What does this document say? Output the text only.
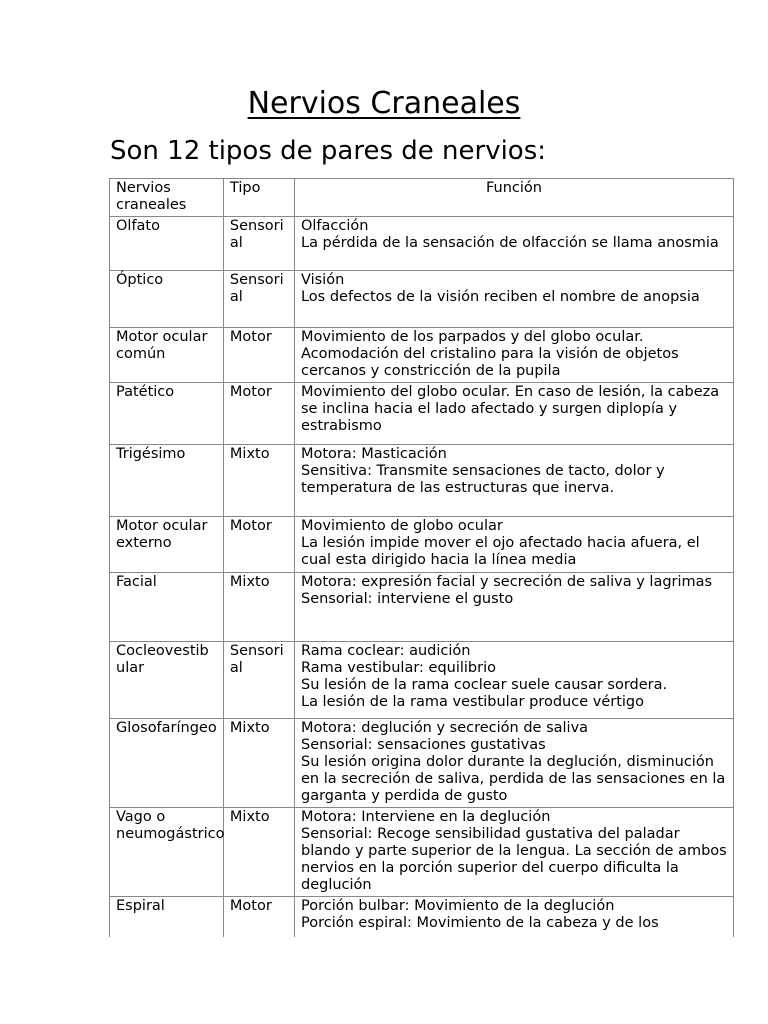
Nervios Craneales
Son 12 tipos de pares de nervios:
Nervios craneales	Tipo	Función
Olfato	Sensorial	Olfacción
La pérdida de la sensación de olfacción se llama anosmia

Óptico	Sensorial	Visión
Los defectos de la visión reciben el nombre de anopsia

Motor ocular común	Motor	Movimiento de los parpados y del globo ocular.
Acomodación del cristalino para la visión de objetos cercanos y constricción de la pupila

Patético	Motor	Movimiento del globo ocular. En caso de lesión, la cabeza se inclina hacia el lado afectado y surgen diplopía y estrabismo

Trigésimo	Mixto	Motora: Masticación
Sensitiva: Transmite sensaciones de tacto, dolor y temperatura de las estructuras que inerva.

Motor ocular externo	Motor	Movimiento de globo ocular
La lesión impide mover el ojo afectado hacia afuera, el cual esta dirigido hacia la línea media

Facial	Mixto	Motora: expresión facial y secreción de saliva y lagrimas
Sensorial: interviene el gusto

Cocleovestibular	Sensorial	Rama coclear: audición
Rama vestibular: equilibrio
Su lesión de la rama coclear suele causar sordera.
La lesión de la rama vestibular produce vértigo

Glosofaríngeo	Mixto	Motora: deglución y secreción de saliva
Sensorial: sensaciones gustativas
Su lesión origina dolor durante la deglución, disminución en la secreción de saliva, perdida de las sensaciones en la garganta y perdida de gusto

Vago o neumogástrico	Mixto	Motora: Interviene en la deglución
Sensorial: Recoge sensibilidad gustativa del paladar blando y parte superior de la lengua. La sección de ambos nervios en la porción superior del cuerpo dificulta la deglución

Espiral	Motor	Porción bulbar: Movimiento de la deglución
Porción espiral: Movimiento de la cabeza y de los
